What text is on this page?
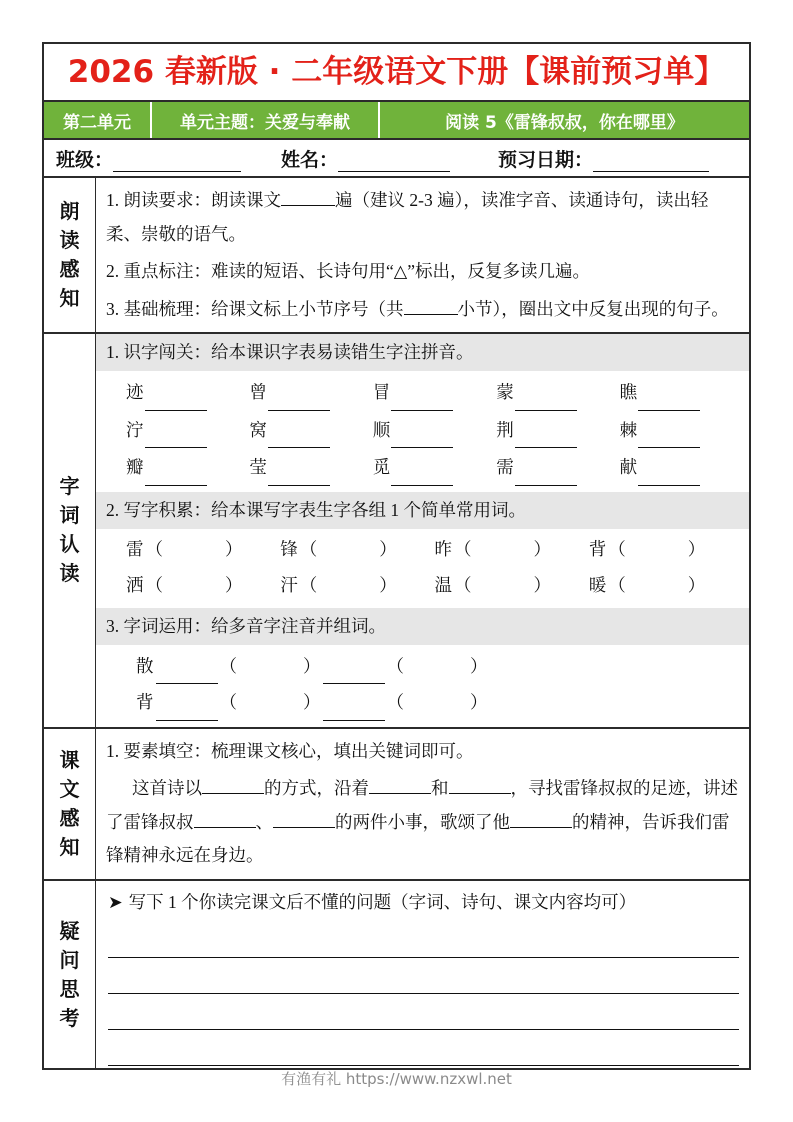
2026 春新版 · 二年级语文下册【课前预习单】
第二单元	单元主题：关爱与奉献	阅读 5《雷锋叔叔，你在哪里》
班级：	姓名：	预习日期：
朗
读
感
知
1. 朗读要求：朗读课文	遍（建议 2-3 遍），读准字音、读通诗句，读出轻柔、崇敬的语气。
2. 重点标注：难读的短语、长诗句用“△”标出，反复多读几遍。
3. 基础梳理：给课文标上小节序号（共	小节），圈出文中反复出现的句子。
字
词
认
读
1. 识字闯关：给本课识字表易读错生字注拼音。
迹	曾	冒	蒙	瞧
泞	窝	顺	荆	棘
瓣	莹	觅	需	献
2. 写字积累：给本课写字表生字各组 1 个简单常用词。
雷 （	）	锋 （	）	昨 （	）	背 （	）
洒 （	）	汗 （	）	温 （	）	暖 （	）
3. 字词运用：给多音字注音并组词。
散	（	）	（	）
背	（	）	（	）
课
文
感
知
1. 要素填空：梳理课文核心，填出关键词即可。
这首诗以	的方式，沿着	和	，寻找雷锋叔叔的足迹，讲述了雷锋叔叔	、	的两件小事，歌颂了他	的精神，告诉我们雷锋精神永远在身边。
疑
问
思
考
➤ 写下 1 个你读完课文后不懂的问题（字词、诗句、课文内容均可）
有渔有礼 https://www.nzxwl.net
